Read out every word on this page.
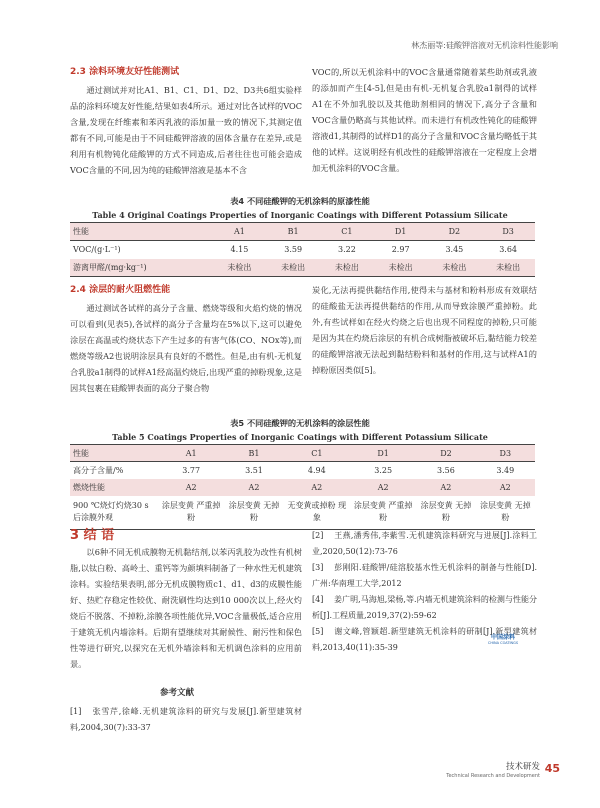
林杰丽等:硅酸钾溶液对无机涂料性能影响
2.3 涂料环境友好性能测试

通过测试并对比A1、B1、C1、D1、D2、D3共6组实验样品的涂料环境友好性能,结果如表4所示。通过对比各试样的VOC含量,发现在纤维素和苯丙乳液的添加量一致的情况下,其测定值都有不同,可能是由于不同硅酸钾溶液的固体含量存在差异,或是利用有机物钝化硅酸钾的方式不同造成,后者往往也可能会造成VOC含量的不同,因为纯的硅酸钾溶液是基本不含

VOC的,所以无机涂料中的VOC含量通常随着某些助剂或乳液的添加而产生[4-5],但是由有机-无机复合乳胶a1制得的试样A1在不外加乳胶以及其他助剂相同的情况下,高分子含量和VOC含量仍略高与其他试样。而未进行有机改性钝化的硅酸钾溶液d1,其制得的试样D1的高分子含量和VOC含量均略低于其他的试样。这说明经有机改性的硅酸钾溶液在一定程度上会增加无机涂料的VOC含量。

表4 不同硅酸钾的无机涂料的原漆性能
Table 4 Original Coatings Properties of Inorganic Coatings with Different Potassium Silicate
性能	A1	B1	C1	D1	D2	D3
VOC/(g·L⁻¹)	4.15	3.59	3.22	2.97	3.45	3.64
游离甲醛/(mg·kg⁻¹)	未检出	未检出	未检出	未检出	未检出	未检出
2.4 涂层的耐火阻燃性能

通过测试各试样的高分子含量、燃烧等级和火焰灼烧的情况可以看到(见表5),各试样的高分子含量均在5%以下,这可以避免涂层在高温或灼烧状态下产生过多的有害气体(CO、NOx等),而燃烧等级A2也说明涂层具有良好的不燃性。但是,由有机-无机复合乳胶a1制得的试样A1经高温灼烧后,出现严重的掉粉现象,这是因其包裹在硅酸钾表面的高分子聚合物

炭化,无法再提供黏结作用,使得未与基材和粉料形成有效联结的硅酸盐无法再提供黏结的作用,从而导致涂膜严重掉粉。此外,有些试样如在经火灼烧之后也出现不同程度的掉粉,只可能是因为其在灼烧后涂层的有机合成树脂被破坏后,黏结能力较差的硅酸钾溶液无法起到黏结粉料和基材的作用,这与试样A1的掉粉原因类似[5]。

表5 不同硅酸钾的无机涂料的涂层性能
Table 5 Coatings Properties of Inorganic Coatings with Different Potassium Silicate
性能	A1	B1	C1	D1	D2	D3
高分子含量/%	3.77	3.51	4.94	3.25	3.56	3.49
燃烧性能	A2	A2	A2	A2	A2	A2
900 ℃烧灯灼烧30 s 后涂膜外观	涂层变黄 严重掉粉	涂层变黄 无掉粉	无变黄或掉粉 现象	涂层变黄 严重掉粉	涂层变黄 无掉粉	涂层变黄 无掉粉
3 结 语

以6种不同无机成膜物无机黏结剂,以苯丙乳胶为改性有机树脂,以钛白粉、高岭土、重钙等为颜填料制备了一种水性无机建筑涂料。实验结果表明,部分无机成膜物质c1、d1、d3的成膜性能好、热贮存稳定性较优、耐洗刷性均达到10 000次以上,经火灼烧后不脱落、不掉粉,涂膜各项性能优异,VOC含量极低,适合应用于建筑无机内墙涂料。后期有望继续对其耐候性、耐污性和保色性等进行研究,以探究在无机外墙涂料和无机调色涂料的应用前景。

参考文献
[1] 张雪芹,徐峰.无机建筑涂料的研究与发展[J].新型建筑材料,2004,30(7):33-37
[2] 王燕,潘秀伟,李紫雪.无机建筑涂料研究与进展[J].涂料工业,2020,50(12):73-76
[3] 彭刚阳.硅酸钾/硅溶胶基水性无机涂料的制备与性能[D].广州:华南理工大学,2012
[4] 姜广明,马海旭,梁杨,等.内墙无机建筑涂料的检测与性能分析[J].工程质量,2019,37(2):59-62
[5] 谢文峰,管颖超.新型建筑无机涂料的研制[J].新型建筑材料,2013,40(11):35-39
中国涂料
CHINA COATINGS
技术研发
Technical Research and Development
45
